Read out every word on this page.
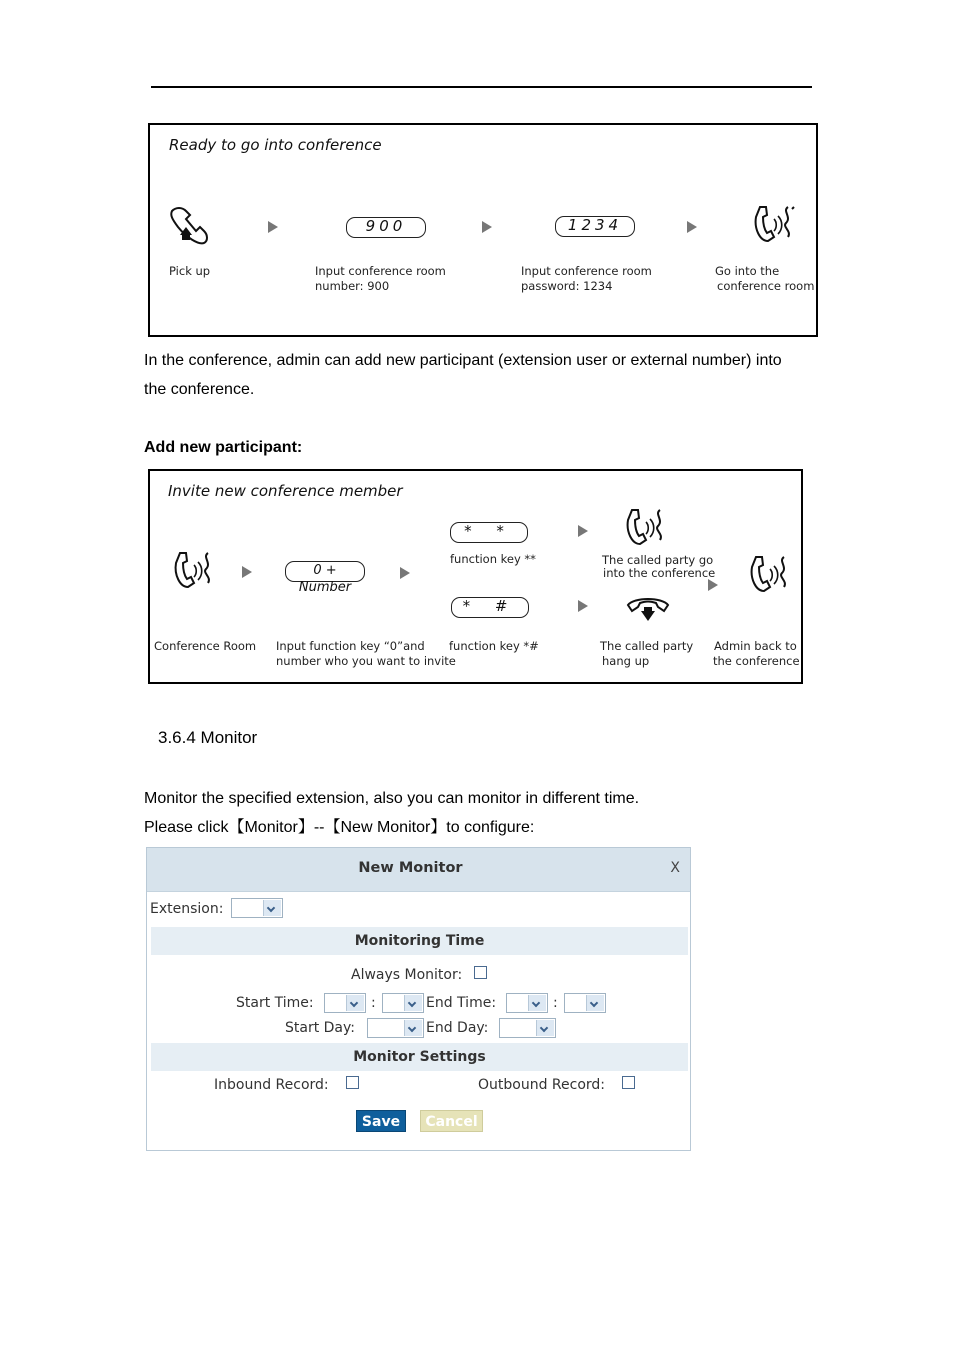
Ready to go into conference
Pick up
900
Input conference room
number: 900
1234
Input conference room
password: 1234
Go into the
conference room
In the conference, admin can add new participant (extension user or external number) into
the conference.
Add new participant:
Invite new conference member
Conference Room
0 + Number
Input function key “0”and
number who you want to invite
* *
function key **
* #
function key *#
The called party go
into the conference
The called party
hang up
Admin back to
the conference
3.6.4 Monitor
Monitor the specified extension, also you can monitor in different time.
Please click【Monitor】--【New Monitor】to configure:
New Monitor	X
Extension:
Monitoring Time
Always Monitor:
Start Time:	:	End Time:	:
Start Day:	End Day:
Monitor Settings
Inbound Record:	Outbound Record:
Save	Cancel
